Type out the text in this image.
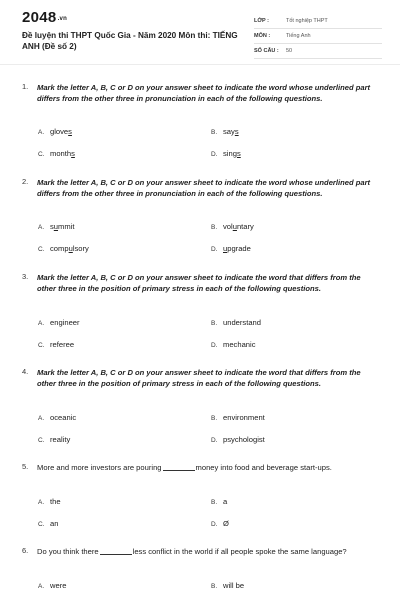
$2048^{.vn}$
Đề luyện thi THPT Quốc Gia - Năm 2020 Môn thi: TIẾNG ANH (Đề số 2)
LỚP :	Tốt nghiệp THPT
MÔN :	Tiếng Anh
SỐ CÂU : 50
1. Mark the letter A, B, C or D on your answer sheet to indicate the word whose underlined part differs from the other three in pronunciation in each of the following questions.
A. gloves	B. says
C. months	D. sings
2. Mark the letter A, B, C or D on your answer sheet to indicate the word whose underlined part differs from the other three in pronunciation in each of the following questions.
A. summit	B. voluntary
C. compulsory	D. upgrade
3. Mark the letter A, B, C or D on your answer sheet to indicate the word that differs from the other three in the position of primary stress in each of the following questions.
A. engineer	B. understand
C. referee	D. mechanic
4. Mark the letter A, B, C or D on your answer sheet to indicate the word that differs from the other three in the position of primary stress in each of the following questions.
A. oceanic	B. environment
C. reality	D. psychologist
5. More and more investors are pouring	money into food and beverage start-ups.
A. the	B. a
C. an	D. Ø
6. Do you think there	less conflict in the world if all people spoke the same language?
A. were	B. will be
